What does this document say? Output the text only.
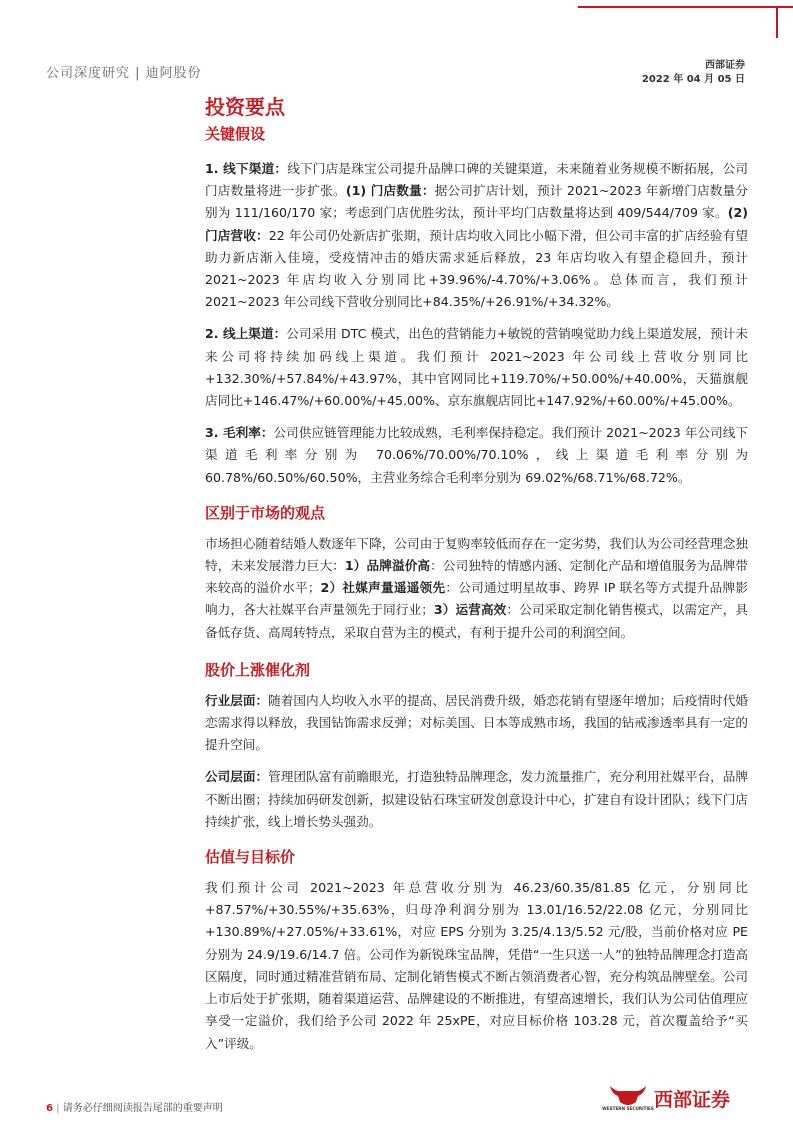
公司深度研究 | 迪阿股份
西部证券
2022 年 04 月 05 日
投资要点
关键假设

1. 线下渠道：线下门店是珠宝公司提升品牌口碑的关键渠道，未来随着业务规模不断拓展，公司门店数量将进一步扩张。(1) 门店数量：据公司扩店计划，预计 2021~2023 年新增门店数量分别为 111/160/170 家；考虑到门店优胜劣汰，预计平均门店数量将达到 409/544/709 家。(2) 门店营收：22 年公司仍处新店扩张期，预计店均收入同比小幅下滑，但公司丰富的扩店经验有望助力新店渐入佳境，受疫情冲击的婚庆需求延后释放，23 年店均收入有望企稳回升，预计 2021~2023 年店均收入分别同比+39.96%/-4.70%/+3.06%。总体而言，我们预计 2021~2023 年公司线下营收分别同比+84.35%/+26.91%/+34.32%。

2. 线上渠道：公司采用 DTC 模式，出色的营销能力+敏锐的营销嗅觉助力线上渠道发展，预计未来公司将持续加码线上渠道。我们预计 2021~2023 年公司线上营收分别同比+132.30%/+57.84%/+43.97%，其中官网同比+119.70%/+50.00%/+40.00%，天猫旗舰店同比+146.47%/+60.00%/+45.00%、京东旗舰店同比+147.92%/+60.00%/+45.00%。

3. 毛利率：公司供应链管理能力比较成熟，毛利率保持稳定。我们预计 2021~2023 年公司线下渠道毛利率分别为 70.06%/70.00%/70.10%，线上渠道毛利率分别为 60.78%/60.50%/60.50%，主营业务综合毛利率分别为 69.02%/68.71%/68.72%。

区别于市场的观点

市场担心随着结婚人数逐年下降，公司由于复购率较低而存在一定劣势，我们认为公司经营理念独特，未来发展潜力巨大：1）品牌溢价高：公司独特的情感内涵、定制化产品和增值服务为品牌带来较高的溢价水平；2）社媒声量遥遥领先：公司通过明星故事、跨界 IP 联名等方式提升品牌影响力，各大社媒平台声量领先于同行业；3）运营高效：公司采取定制化销售模式，以需定产，具备低存货、高周转特点，采取自营为主的模式，有利于提升公司的利润空间。

股价上涨催化剂

行业层面：随着国内人均收入水平的提高、居民消费升级，婚恋花销有望逐年增加；后疫情时代婚恋需求得以释放，我国钻饰需求反弹；对标美国、日本等成熟市场，我国的钻戒渗透率具有一定的提升空间。

公司层面：管理团队富有前瞻眼光，打造独特品牌理念，发力流量推广，充分利用社媒平台，品牌不断出圈；持续加码研发创新，拟建设钻石珠宝研发创意设计中心，扩建自有设计团队；线下门店持续扩张，线上增长势头强劲。

估值与目标价

我们预计公司 2021~2023 年总营收分别为 46.23/60.35/81.85 亿元，分别同比+87.57%/+30.55%/+35.63%，归母净利润分别为 13.01/16.52/22.08 亿元，分别同比+130.89%/+27.05%/+33.61%，对应 EPS 分别为 3.25/4.13/5.52 元/股，当前价格对应 PE 分别为 24.9/19.6/14.7 倍。公司作为新锐珠宝品牌，凭借“一生只送一人”的独特品牌理念打造高区隔度，同时通过精准营销布局、定制化销售模式不断占领消费者心智，充分构筑品牌壁垒。公司上市后处于扩张期，随着渠道运营、品牌建设的不断推进，有望高速增长，我们认为公司估值理应享受一定溢价，我们给予公司 2022 年 25xPE，对应目标价格 103.28 元，首次覆盖给予“买入”评级。

6 | 请务必仔细阅读报告尾部的重要声明	WESTERN SECURITIES 西部证券
